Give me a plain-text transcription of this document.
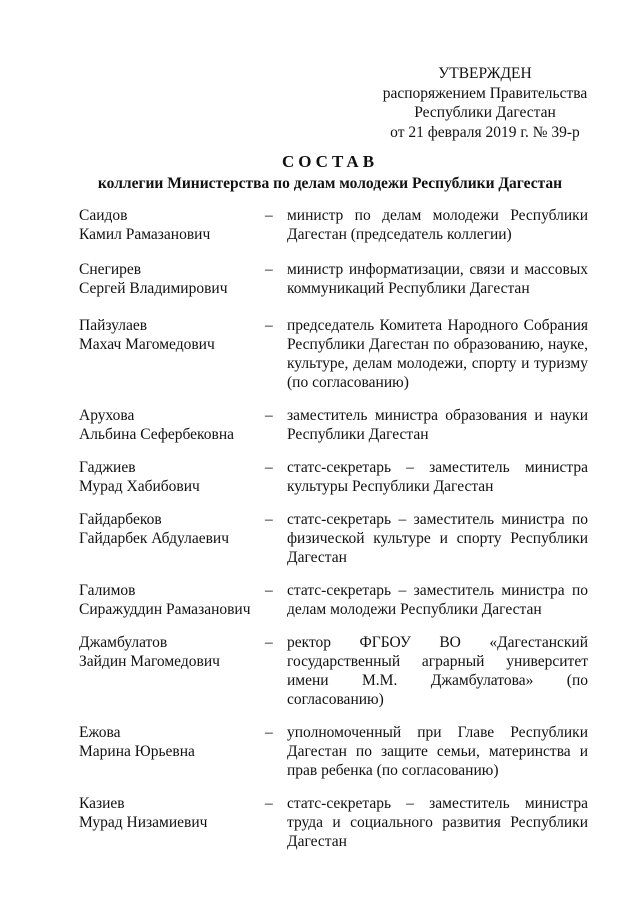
УТВЕРЖДЕН
распоряжением Правительства
Республики Дагестан
от 21 февраля 2019 г. № 39-р
СОСТАВ
коллегии Министерства по делам молодежи Республики Дагестан
Саидов
Камил Рамазанович
– министр по делам молодежи Республики Дагестан (председатель коллегии)
Снегирев
Сергей Владимирович
– министр информатизации, связи и массовых коммуникаций Республики Дагестан
Пайзулаев
Махач Магомедович
– председатель Комитета Народного Собрания Республики Дагестан по образованию, науке, культуре, делам молодежи, спорту и туризму (по согласованию)
Арухова
Альбина Сефербековна
– заместитель министра образования и науки Республики Дагестан
Гаджиев
Мурад Хабибович
– статс-секретарь – заместитель министра культуры Республики Дагестан
Гайдарбеков
Гайдарбек Абдулаевич
– статс-секретарь – заместитель министра по физической культуре и спорту Республики Дагестан
Галимов
Сиражуддин Рамазанович
– статс-секретарь – заместитель министра по делам молодежи Республики Дагестан
Джамбулатов
Зайдин Магомедович
– ректор ФГБОУ ВО «Дагестанский государственный аграрный университет имени М.М. Джамбулатова» (по согласованию)
Ежова
Марина Юрьевна
– уполномоченный при Главе Республики Дагестан по защите семьи, материнства и прав ребенка (по согласованию)
Казиев
Мурад Низамиевич
– статс-секретарь – заместитель министра труда и социального развития Республики Дагестан
